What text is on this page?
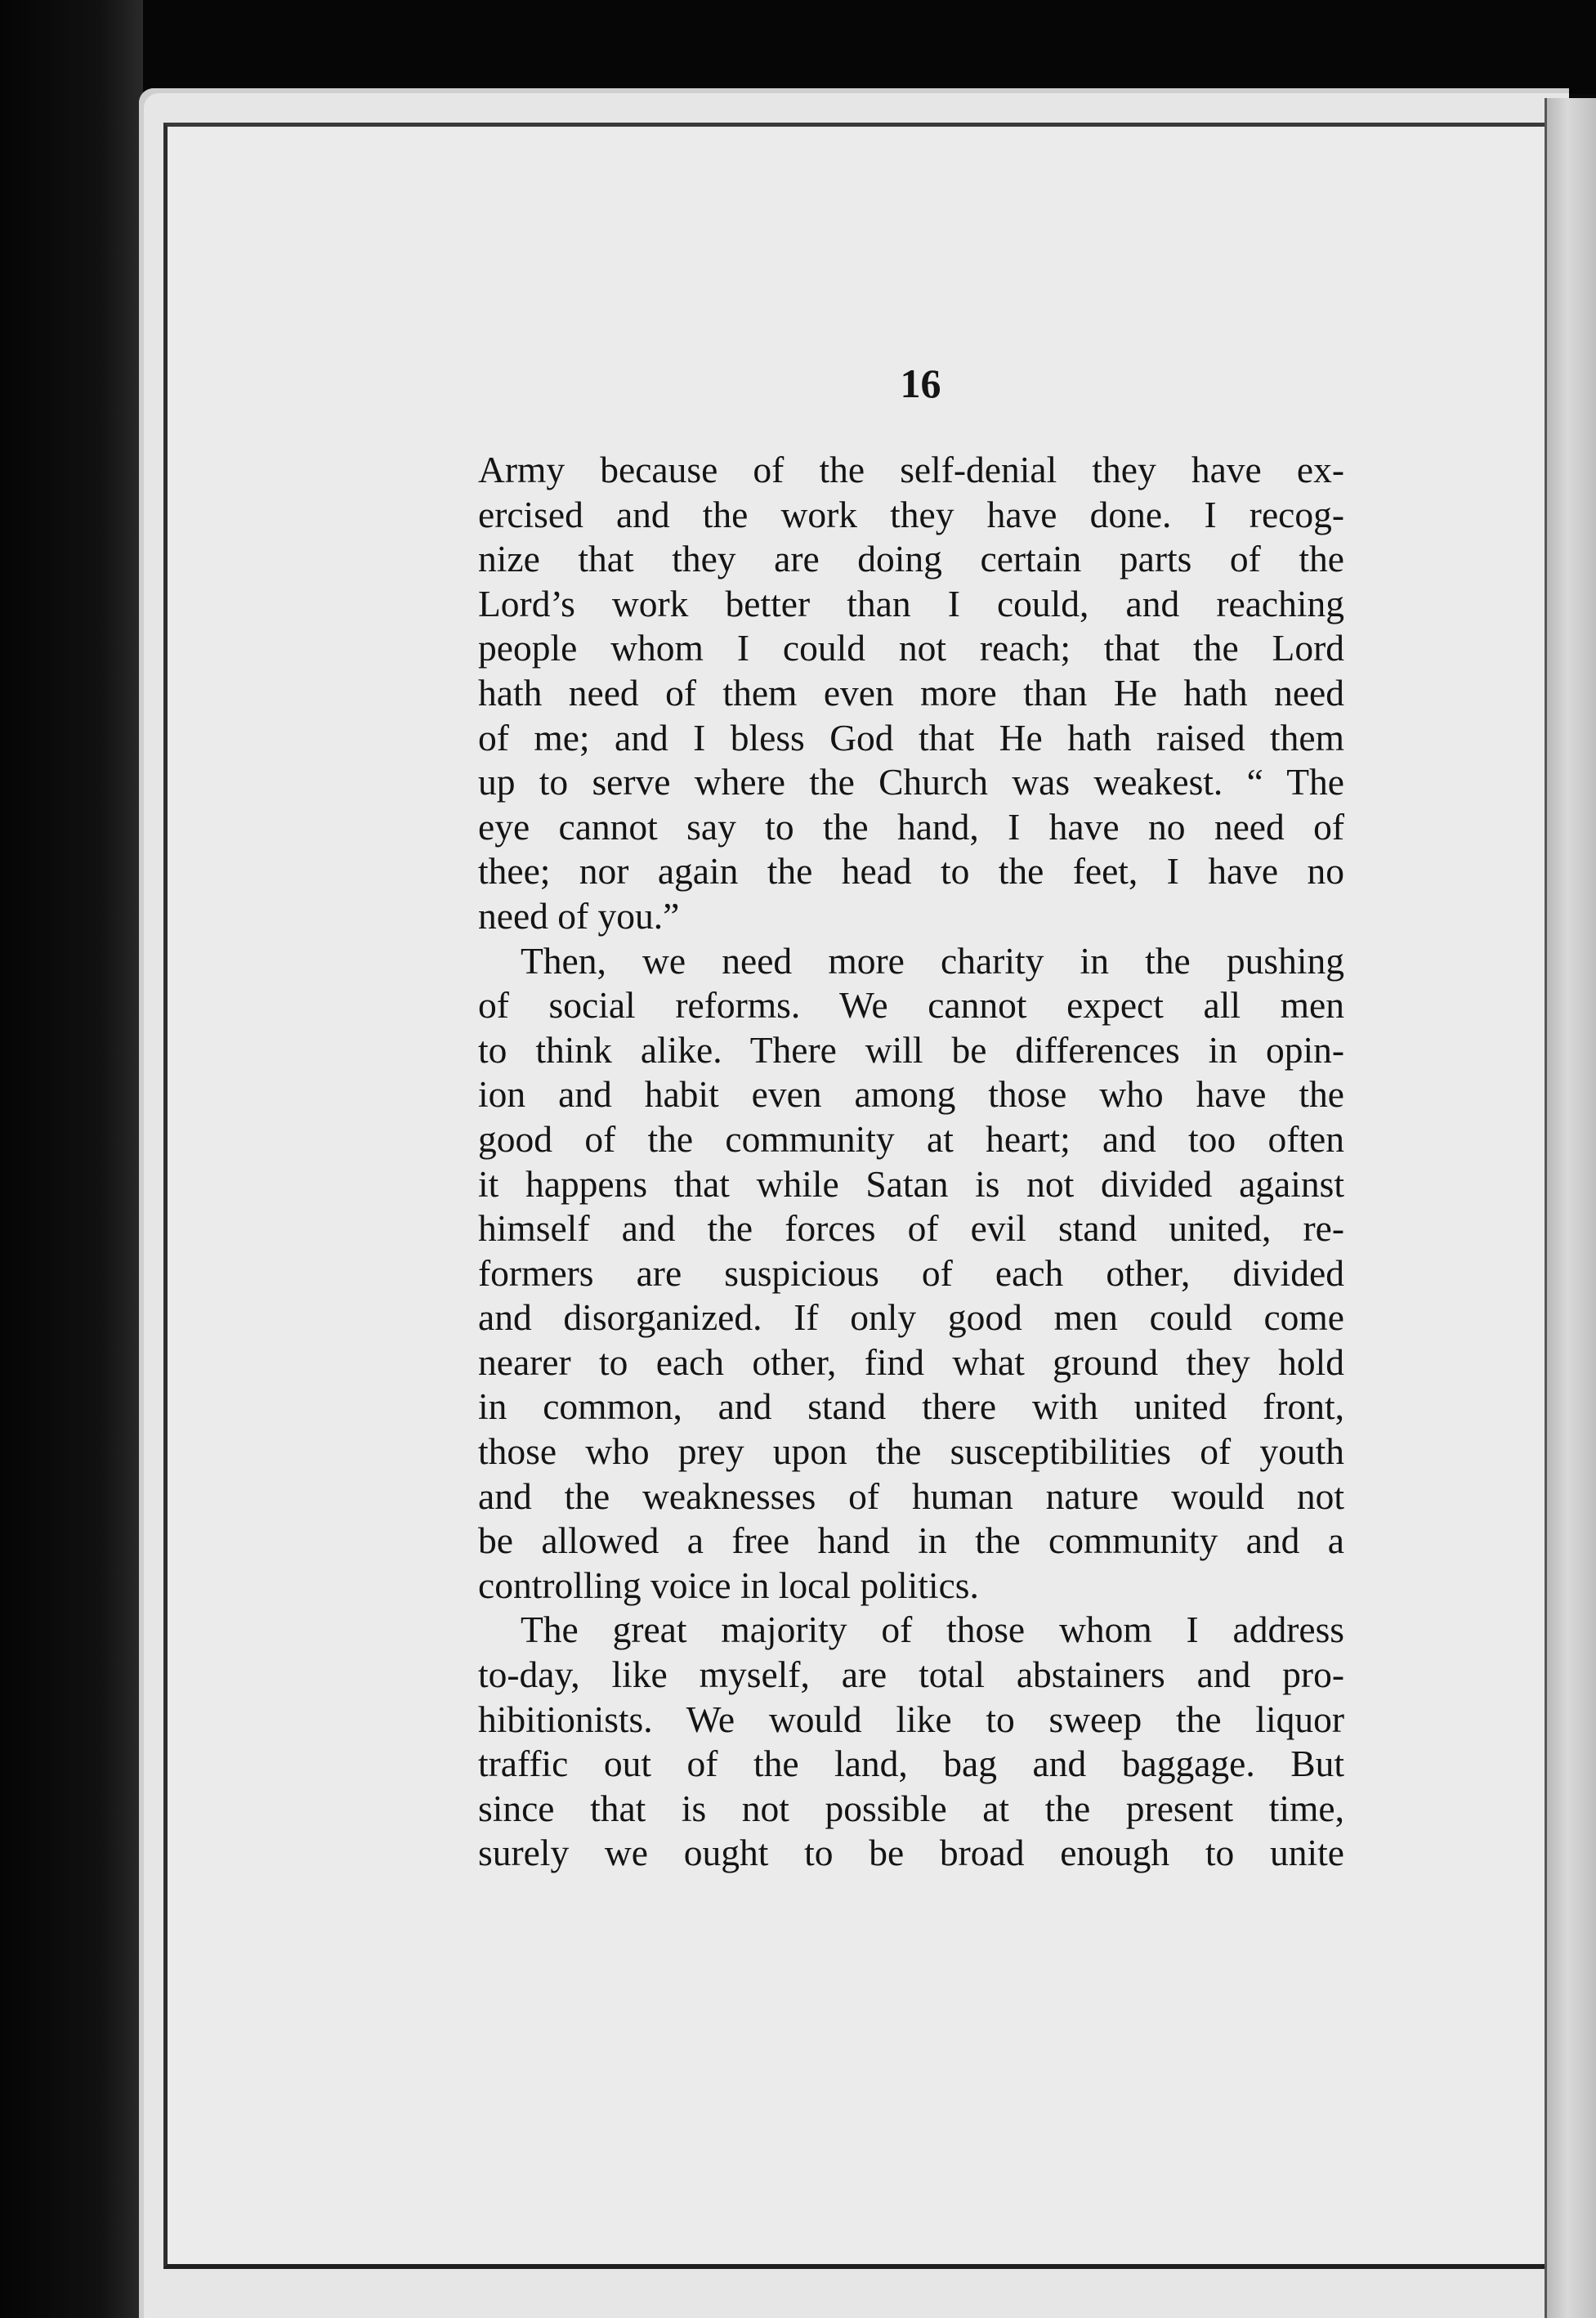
16
Army because of the self-denial they have ex-
ercised and the work they have done. I recog-
nize that they are doing certain parts of the
Lord’s work better than I could, and reaching
people whom I could not reach; that the Lord
hath need of them even more than He hath need
of me; and I bless God that He hath raised them
up to serve where the Church was weakest. “ The
eye cannot say to the hand, I have no need of
thee; nor again the head to the feet, I have no
need of you.”
Then, we need more charity in the pushing
of social reforms. We cannot expect all men
to think alike. There will be differences in opin-
ion and habit even among those who have the
good of the community at heart; and too often
it happens that while Satan is not divided against
himself and the forces of evil stand united, re-
formers are suspicious of each other, divided
and disorganized. If only good men could come
nearer to each other, find what ground they hold
in common, and stand there with united front,
those who prey upon the susceptibilities of youth
and the weaknesses of human nature would not
be allowed a free hand in the community and a
controlling voice in local politics.
The great majority of those whom I address
to-day, like myself, are total abstainers and pro-
hibitionists. We would like to sweep the liquor
traffic out of the land, bag and baggage. But
since that is not possible at the present time,
surely we ought to be broad enough to unite
